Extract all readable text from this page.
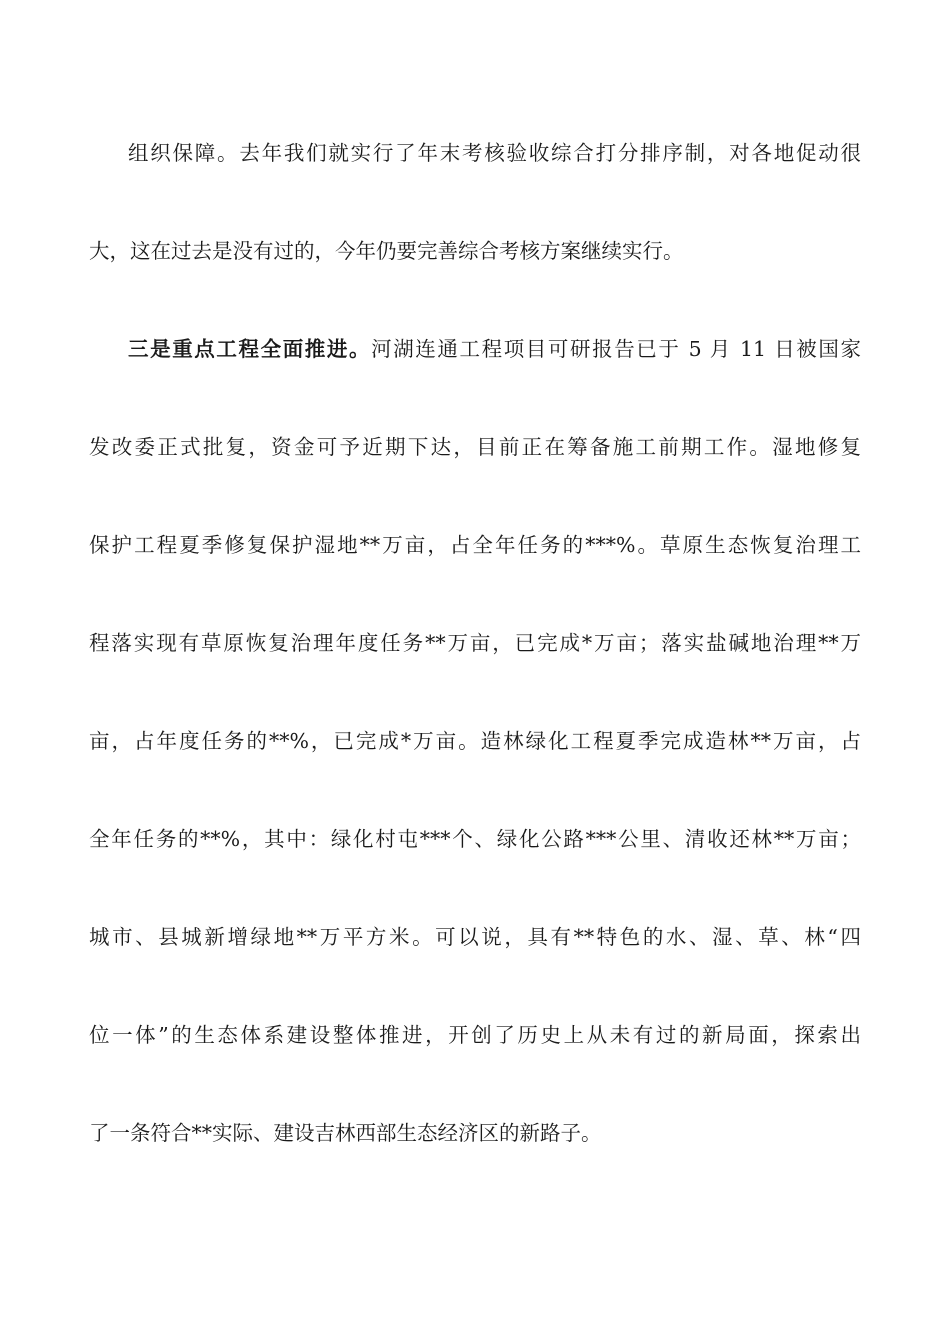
组织保障。去年我们就实行了年末考核验收综合打分排序制，对各地促动很
大，这在过去是没有过的，今年仍要完善综合考核方案继续实行。
三是重点工程全面推进。河湖连通工程项目可研报告已于 5 月 11 日被国家
发改委正式批复，资金可予近期下达，目前正在筹备施工前期工作。湿地修复
保护工程夏季修复保护湿地**万亩，占全年任务的***%。草原生态恢复治理工
程落实现有草原恢复治理年度任务**万亩，已完成*万亩；落实盐碱地治理**万
亩，占年度任务的**%，已完成*万亩。造林绿化工程夏季完成造林**万亩，占
全年任务的**%，其中：绿化村屯***个、绿化公路***公里、清收还林**万亩；
城市、县城新增绿地**万平方米。可以说，具有**特色的水、湿、草、林“四
位一体”的生态体系建设整体推进，开创了历史上从未有过的新局面，探索出
了一条符合**实际、建设吉林西部生态经济区的新路子。
